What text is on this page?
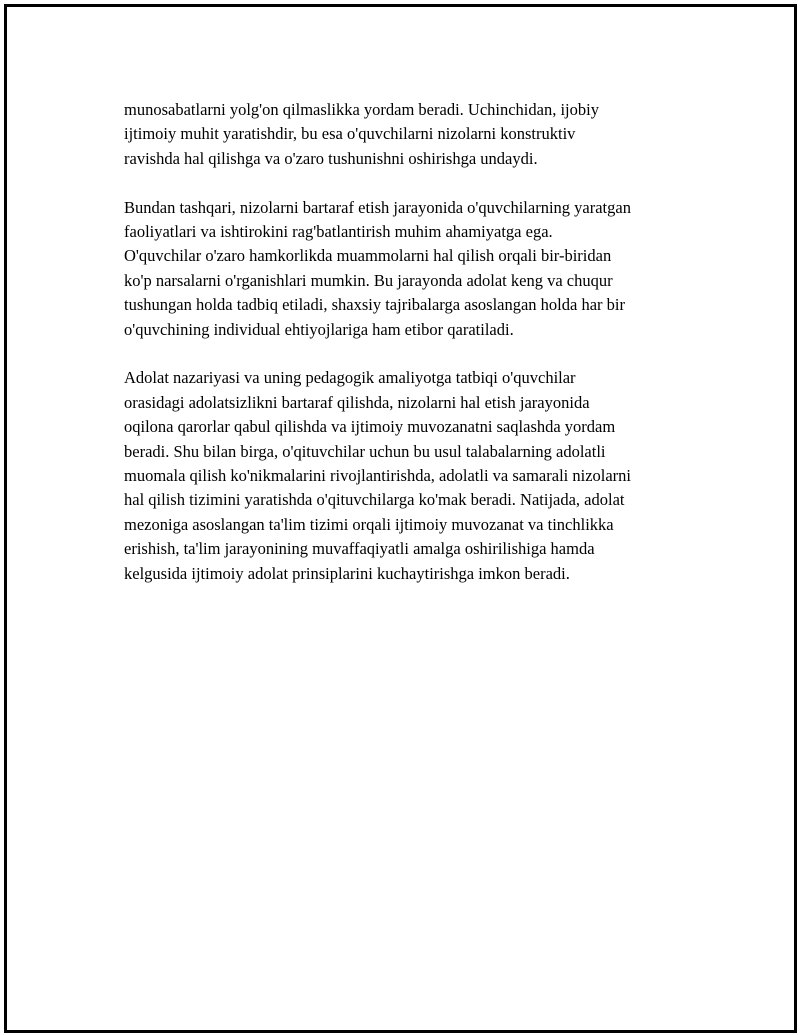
munosabatlarni yolg'on qilmaslikka yordam beradi. Uchinchidan, ijobiy
ijtimoiy muhit yaratishdir, bu esa o'quvchilarni nizolarni konstruktiv
ravishda hal qilishga va o'zaro tushunishni oshirishga undaydi.
Bundan tashqari, nizolarni bartaraf etish jarayonida o'quvchilarning yaratgan
faoliyatlari va ishtirokini rag'batlantirish muhim ahamiyatga ega.
O'quvchilar o'zaro hamkorlikda muammolarni hal qilish orqali bir-biridan
ko'p narsalarni o'rganishlari mumkin. Bu jarayonda adolat keng va chuqur
tushungan holda tadbiq etiladi, shaxsiy tajribalarga asoslangan holda har bir
o'quvchining individual ehtiyojlariga ham etibor qaratiladi.
Adolat nazariyasi va uning pedagogik amaliyotga tatbiqi o'quvchilar
orasidagi adolatsizlikni bartaraf qilishda, nizolarni hal etish jarayonida
oqilona qarorlar qabul qilishda va ijtimoiy muvozanatni saqlashda yordam
beradi. Shu bilan birga, o'qituvchilar uchun bu usul talabalarning adolatli
muomala qilish ko'nikmalarini rivojlantirishda, adolatli va samarali nizolarni
hal qilish tizimini yaratishda o'qituvchilarga ko'mak beradi. Natijada, adolat
mezoniga asoslangan ta'lim tizimi orqali ijtimoiy muvozanat va tinchlikka
erishish, ta'lim jarayonining muvaffaqiyatli amalga oshirilishiga hamda
kelgusida ijtimoiy adolat prinsiplarini kuchaytirishga imkon beradi.
